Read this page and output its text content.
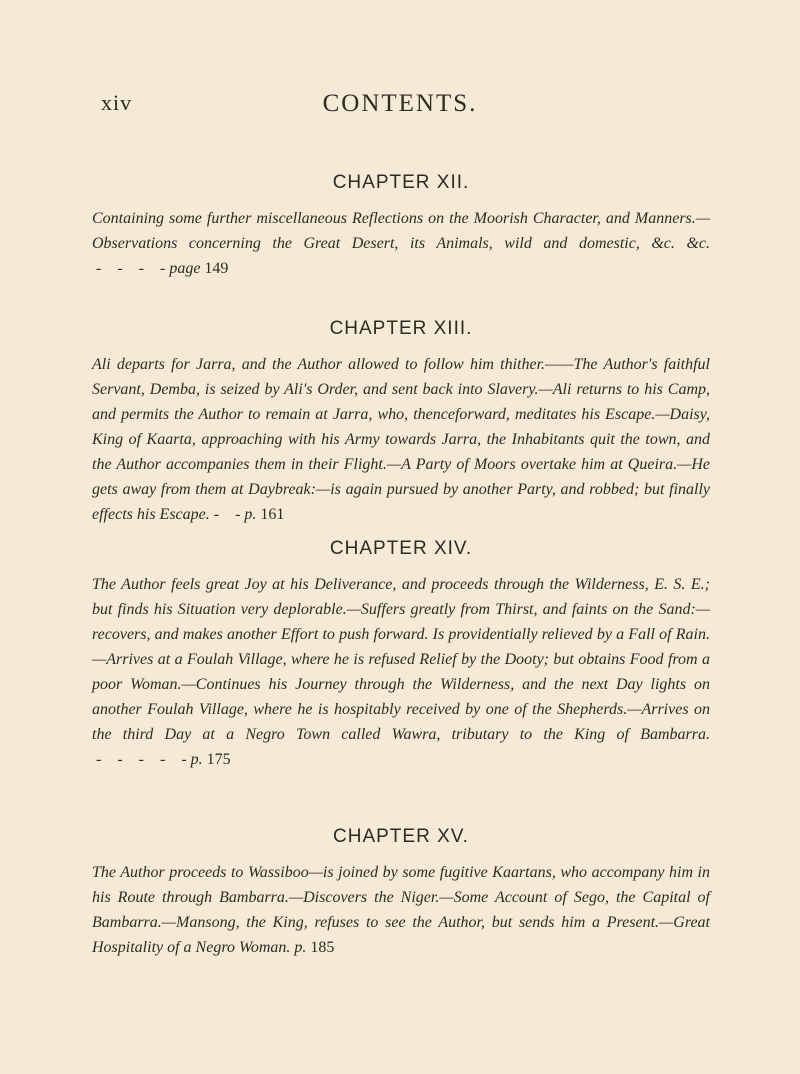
xiv	CONTENTS.
CHAPTER XII.

Containing some further miscellaneous Reflections on the Moorish Character, and Manners.—Observations concerning the Great Desert, its Animals, wild and domestic, &c. &c. -    -    -    - page 149

CHAPTER XIII.

Ali departs for Jarra, and the Author allowed to follow him thither.——The Author's faithful Servant, Demba, is seized by Ali's Order, and sent back into Slavery.—Ali returns to his Camp, and permits the Author to remain at Jarra, who, thenceforward, meditates his Escape.—Daisy, King of Kaarta, approaching with his Army towards Jarra, the Inhabitants quit the town, and the Author accompanies them in their Flight.—A Party of Moors overtake him at Queira.—He gets away from them at Daybreak:—is again pursued by another Party, and robbed; but finally effects his Escape. -    - p. 161

CHAPTER XIV.

The Author feels great Joy at his Deliverance, and proceeds through the Wilderness, E. S. E.; but finds his Situation very deplorable.—Suffers greatly from Thirst, and faints on the Sand:—recovers, and makes another Effort to push forward. Is providentially relieved by a Fall of Rain.—Arrives at a Foulah Village, where he is refused Relief by the Dooty; but obtains Food from a poor Woman.—Continues his Journey through the Wilderness, and the next Day lights on another Foulah Village, where he is hospitably received by one of the Shepherds.—Arrives on the third Day at a Negro Town called Wawra, tributary to the King of Bambarra. -    -    -    -    - p. 175

CHAPTER XV.

The Author proceeds to Wassiboo—is joined by some fugitive Kaartans, who accompany him in his Route through Bambarra.—Discovers the Niger.—Some Account of Sego, the Capital of Bambarra.—Mansong, the King, refuses to see the Author, but sends him a Present.—Great Hospitality of a Negro Woman. p. 185
